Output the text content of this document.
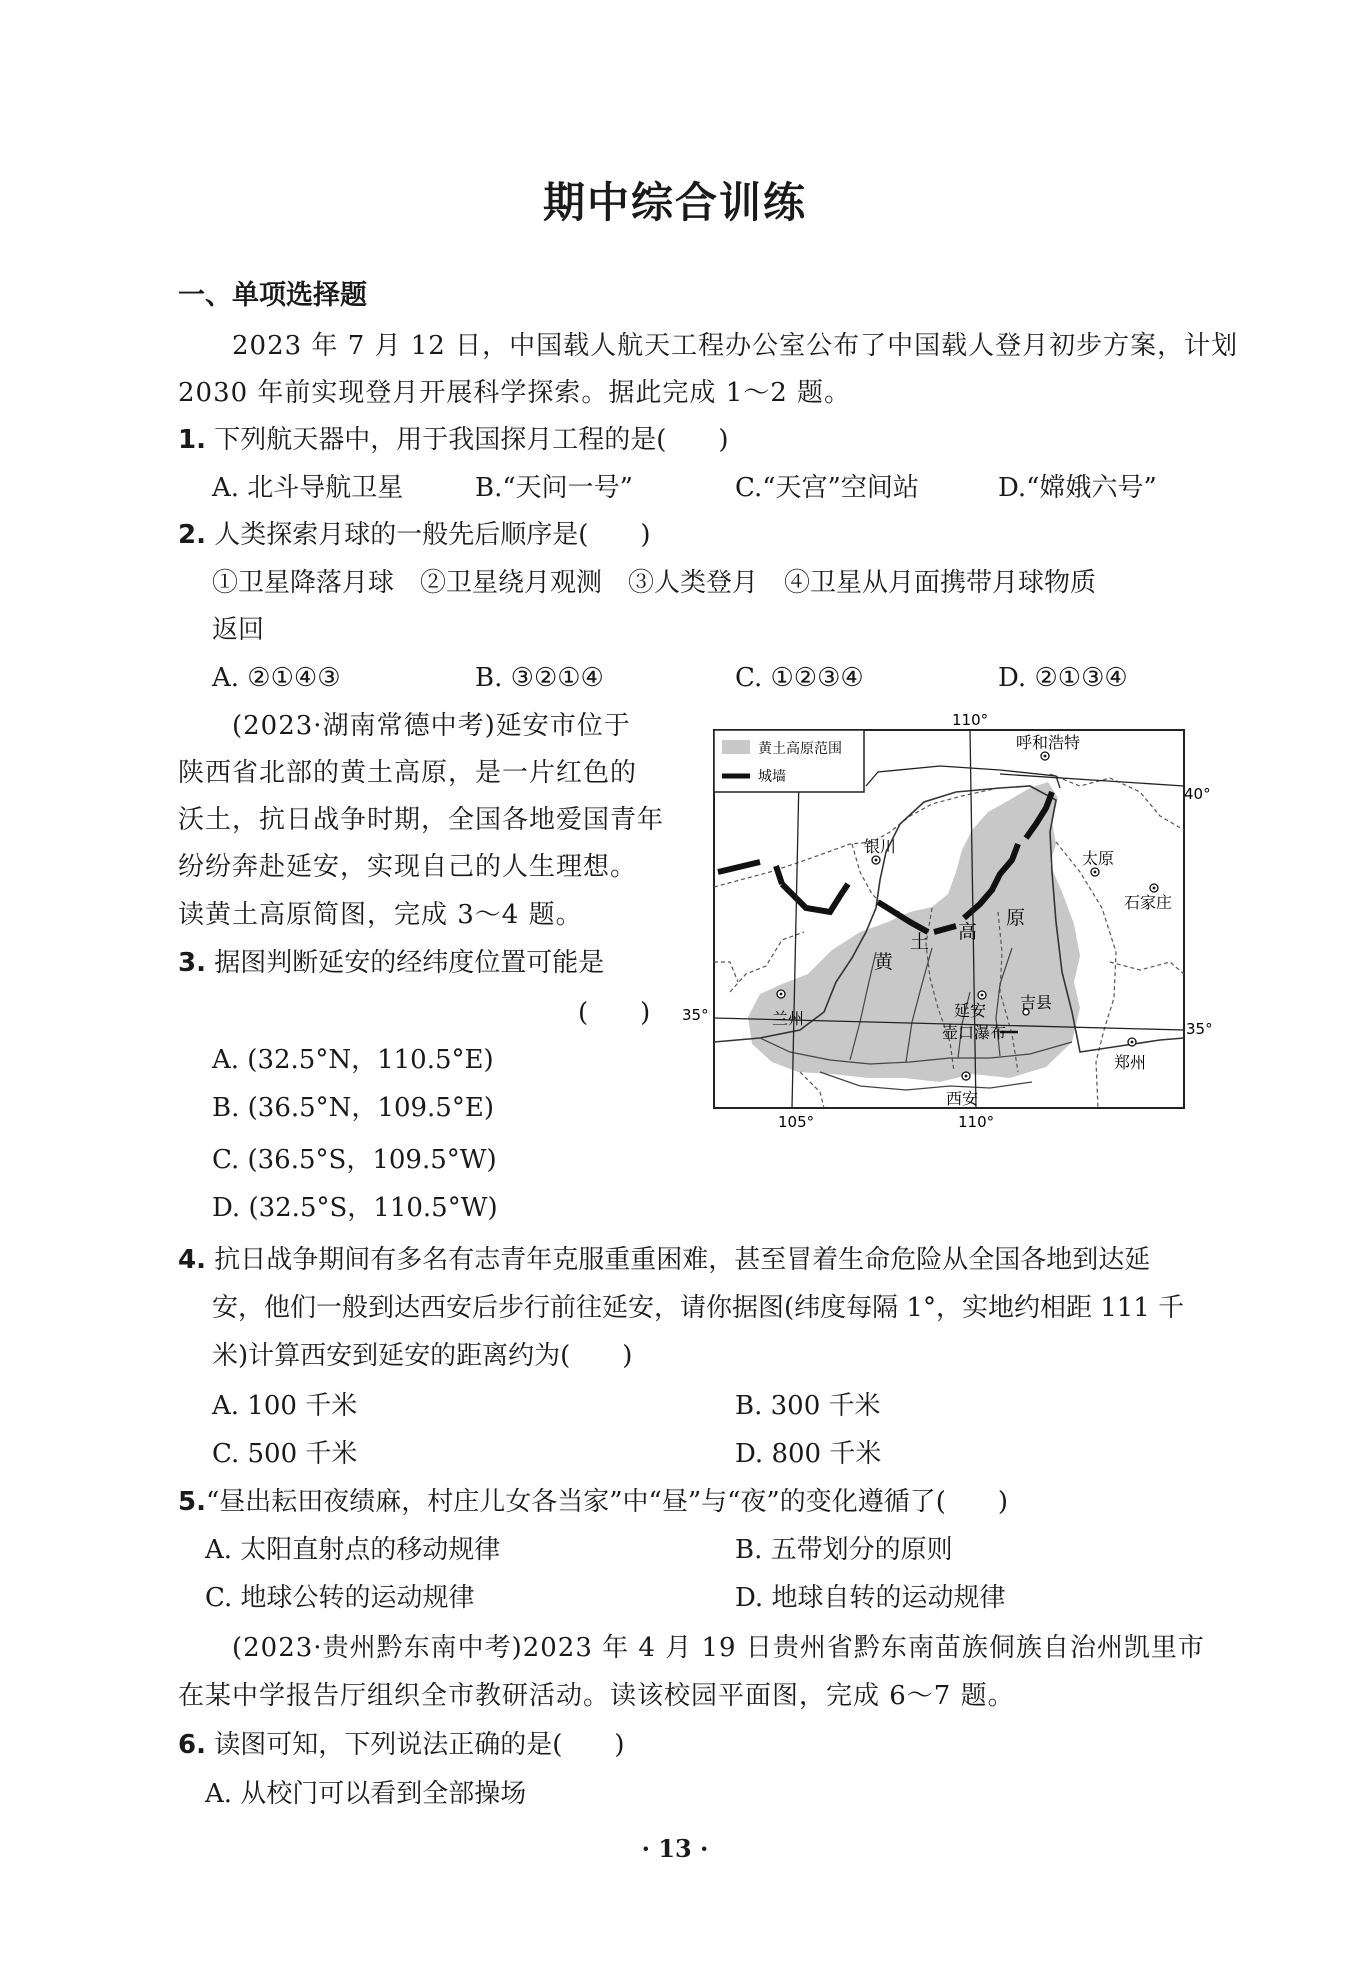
期中综合训练
一、单项选择题
2023 年 7 月 12 日，中国载人航天工程办公室公布了中国载人登月初步方案，计划
2030 年前实现登月开展科学探索。据此完成 1～2 题。
1. 下列航天器中，用于我国探月工程的是(　　)
A. 北斗导航卫星	B.“天问一号”	C.“天宫”空间站	D.“嫦娥六号”
2. 人类探索月球的一般先后顺序是(　　)
①卫星降落月球　②卫星绕月观测　③人类登月　④卫星从月面携带月球物质
返回
A. ②①④③	B. ③②①④	C. ①②③④	D. ②①③④
(2023·湖南常德中考)延安市位于
陕西省北部的黄土高原，是一片红色的
沃土，抗日战争时期，全国各地爱国青年
纷纷奔赴延安，实现自己的人生理想。
读黄土高原简图，完成 3～4 题。
3. 据图判断延安的经纬度位置可能是
(　　)
A. (32.5°N，110.5°E)
B. (36.5°N，109.5°E)
C. (36.5°S，109.5°W)
D. (32.5°S，110.5°W)
4. 抗日战争期间有多名有志青年克服重重困难，甚至冒着生命危险从全国各地到达延
安，他们一般到达西安后步行前往延安，请你据图(纬度每隔 1°，实地约相距 111 千
米)计算西安到延安的距离约为(　　)
A. 100 千米	B. 300 千米
C. 500 千米	D. 800 千米
5.“昼出耘田夜绩麻，村庄儿女各当家”中“昼”与“夜”的变化遵循了(　　)
A. 太阳直射点的移动规律	B. 五带划分的原则
C. 地球公转的运动规律	D. 地球自转的运动规律
(2023·贵州黔东南中考)2023 年 4 月 19 日贵州省黔东南苗族侗族自治州凯里市
在某中学报告厅组织全市教研活动。读该校园平面图，完成 6～7 题。
6. 读图可知，下列说法正确的是(　　)
A. 从校门可以看到全部操场
· 13 ·
黄土高原范围
城墙
110°
105°	110°
40°
35°
35°
黄
土 高
原
呼和浩特
银川
太原
石家庄
兰州	延安 吉县
壶口瀑布
西安
郑州
